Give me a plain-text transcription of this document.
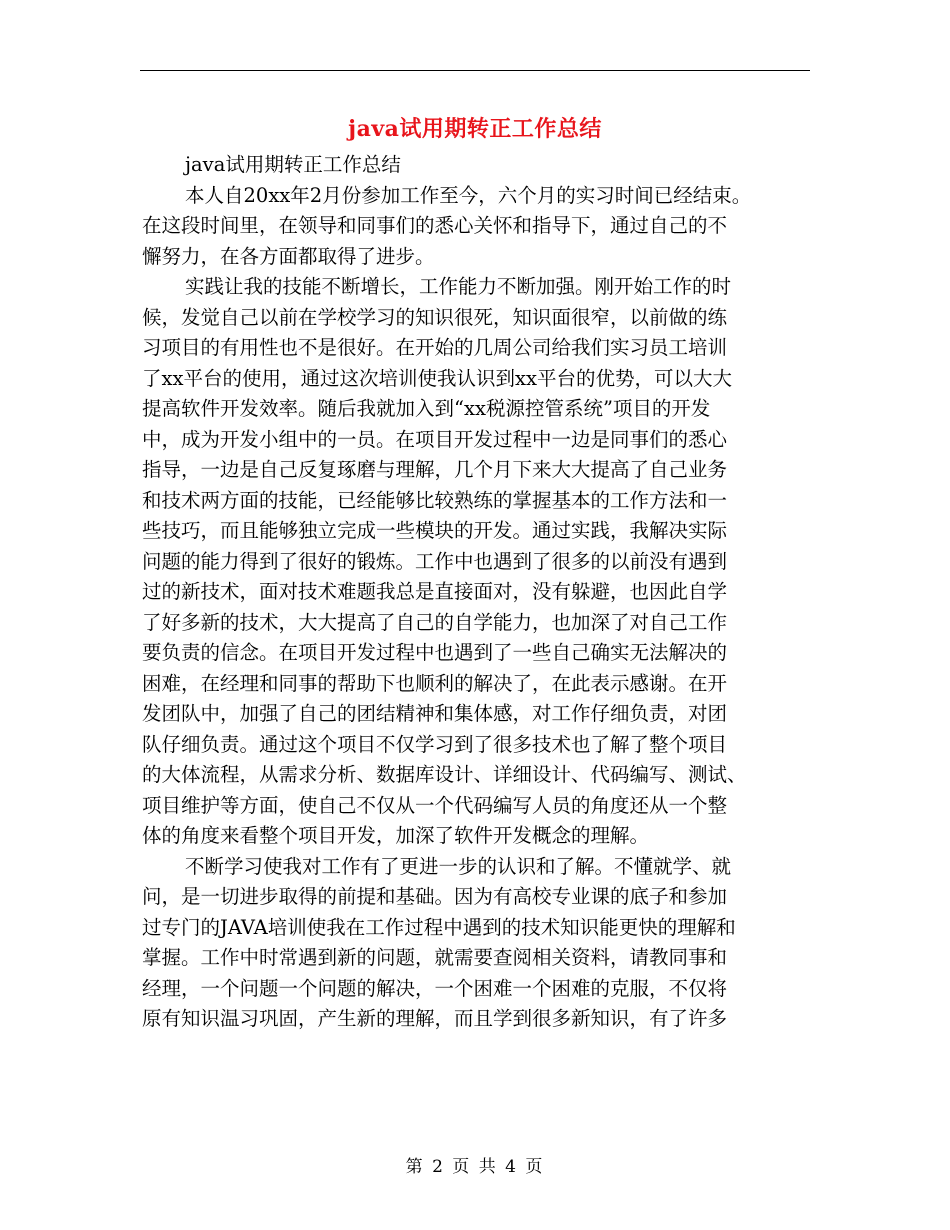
java试用期转正工作总结
java试用期转正工作总结
本人自20xx年2月份参加工作至今，六个月的实习时间已经结束。
在这段时间里，在领导和同事们的悉心关怀和指导下，通过自己的不
懈努力，在各方面都取得了进步。
实践让我的技能不断增长，工作能力不断加强。刚开始工作的时
候，发觉自己以前在学校学习的知识很死，知识面很窄，以前做的练
习项目的有用性也不是很好。在开始的几周公司给我们实习员工培训
了xx平台的使用，通过这次培训使我认识到xx平台的优势，可以大大
提高软件开发效率。随后我就加入到“xx税源控管系统”项目的开发
中，成为开发小组中的一员。在项目开发过程中一边是同事们的悉心
指导，一边是自己反复琢磨与理解，几个月下来大大提高了自己业务
和技术两方面的技能，已经能够比较熟练的掌握基本的工作方法和一
些技巧，而且能够独立完成一些模块的开发。通过实践，我解决实际
问题的能力得到了很好的锻炼。工作中也遇到了很多的以前没有遇到
过的新技术，面对技术难题我总是直接面对，没有躲避，也因此自学
了好多新的技术，大大提高了自己的自学能力，也加深了对自己工作
要负责的信念。在项目开发过程中也遇到了一些自己确实无法解决的
困难，在经理和同事的帮助下也顺利的解决了，在此表示感谢。在开
发团队中，加强了自己的团结精神和集体感，对工作仔细负责，对团
队仔细负责。通过这个项目不仅学习到了很多技术也了解了整个项目
的大体流程，从需求分析、数据库设计、详细设计、代码编写、测试、
项目维护等方面，使自己不仅从一个代码编写人员的角度还从一个整
体的角度来看整个项目开发，加深了软件开发概念的理解。
不断学习使我对工作有了更进一步的认识和了解。不懂就学、就
问，是一切进步取得的前提和基础。因为有高校专业课的底子和参加
过专门的JAVA培训使我在工作过程中遇到的技术知识能更快的理解和
掌握。工作中时常遇到新的问题，就需要查阅相关资料，请教同事和
经理，一个问题一个问题的解决，一个困难一个困难的克服，不仅将
原有知识温习巩固，产生新的理解，而且学到很多新知识，有了许多
第 2 页 共 4 页
